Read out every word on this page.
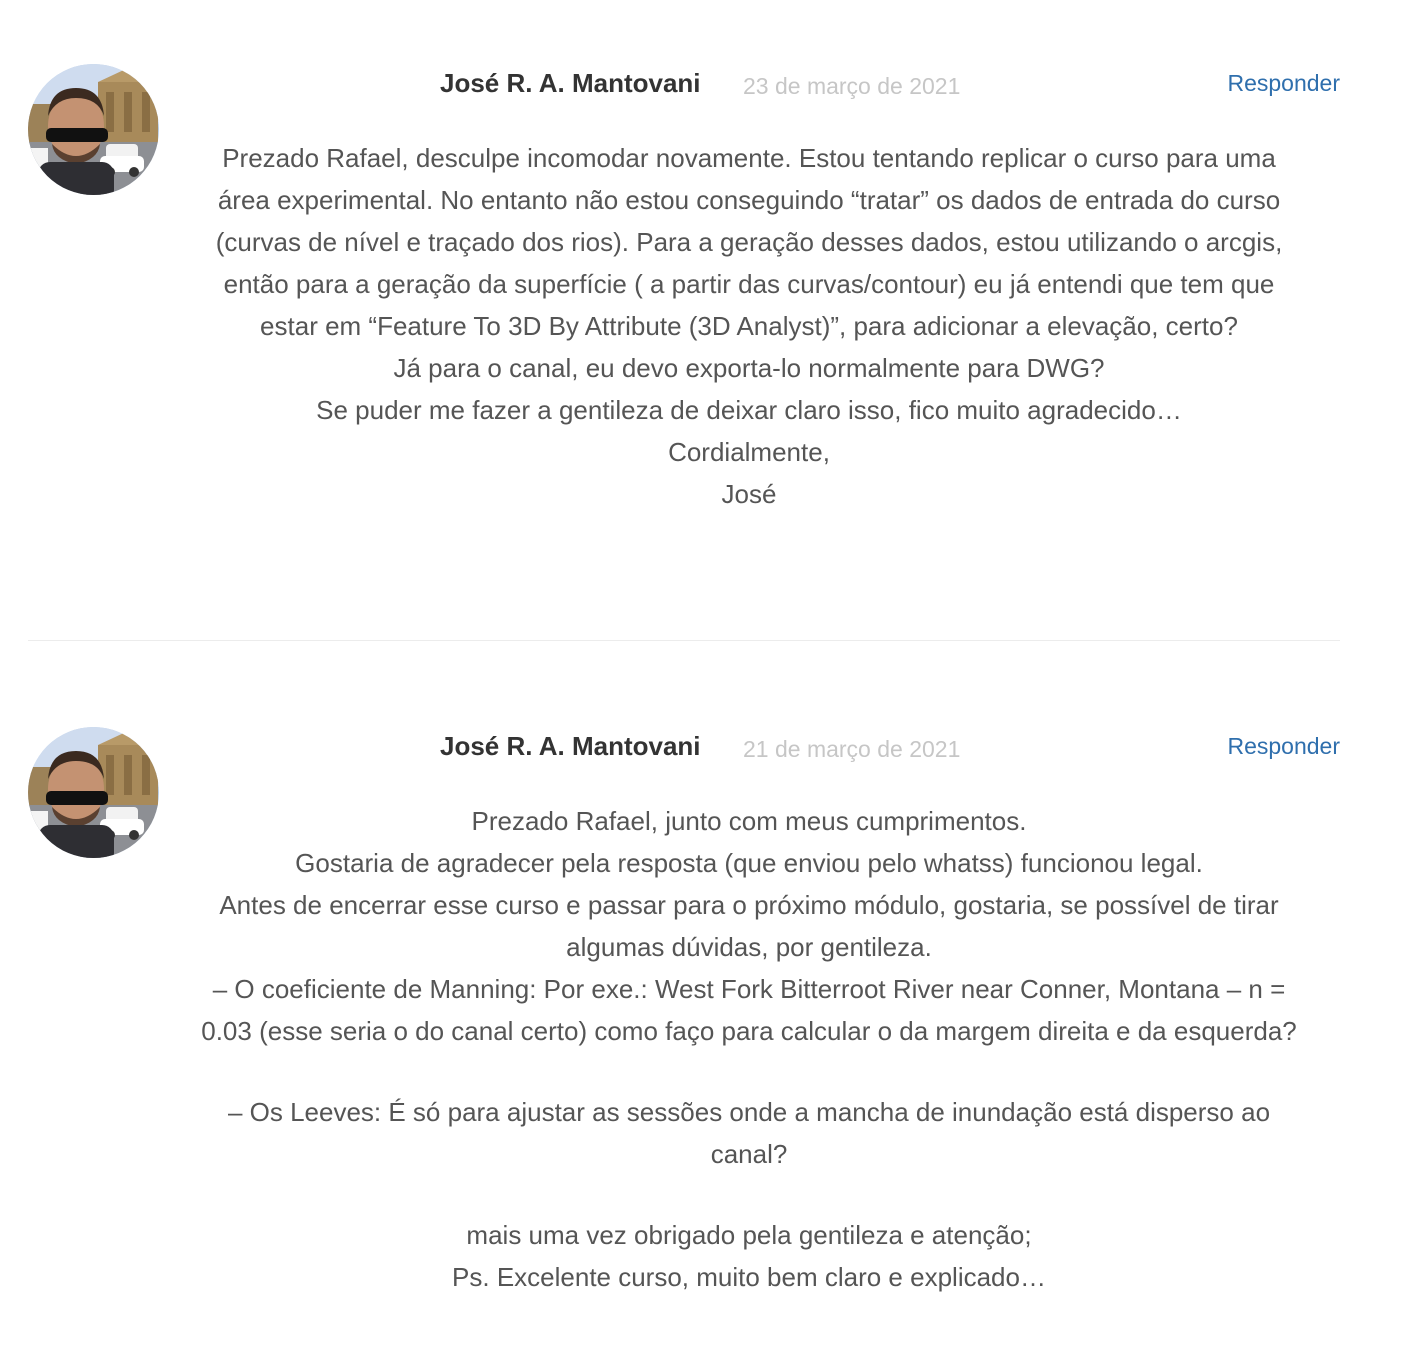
José R. A. Mantovani 23 de março de 2021	Responder

Prezado Rafael, desculpe incomodar novamente. Estou tentando replicar o curso para uma área experimental. No entanto não estou conseguindo “tratar” os dados de entrada do curso (curvas de nível e traçado dos rios). Para a geração desses dados, estou utilizando o arcgis, então para a geração da superfície ( a partir das curvas/contour) eu já entendi que tem que estar em “Feature To 3D By Attribute (3D Analyst)”, para adicionar a elevação, certo?

Já para o canal, eu devo exporta-lo normalmente para DWG?

Se puder me fazer a gentileza de deixar claro isso, fico muito agradecido…

Cordialmente,

José

José R. A. Mantovani 21 de março de 2021	Responder

Prezado Rafael, junto com meus cumprimentos.

Gostaria de agradecer pela resposta (que enviou pelo whatss) funcionou legal.

Antes de encerrar esse curso e passar para o próximo módulo, gostaria, se possível de tirar algumas dúvidas, por gentileza.

– O coeficiente de Manning: Por exe.: West Fork Bitterroot River near Conner, Montana – n = 0.03 (esse seria o do canal certo) como faço para calcular o da margem direita e da esquerda?

– Os Leeves: É só para ajustar as sessões onde a mancha de inundação está disperso ao canal?

mais uma vez obrigado pela gentileza e atenção;

Ps. Excelente curso, muito bem claro e explicado…
